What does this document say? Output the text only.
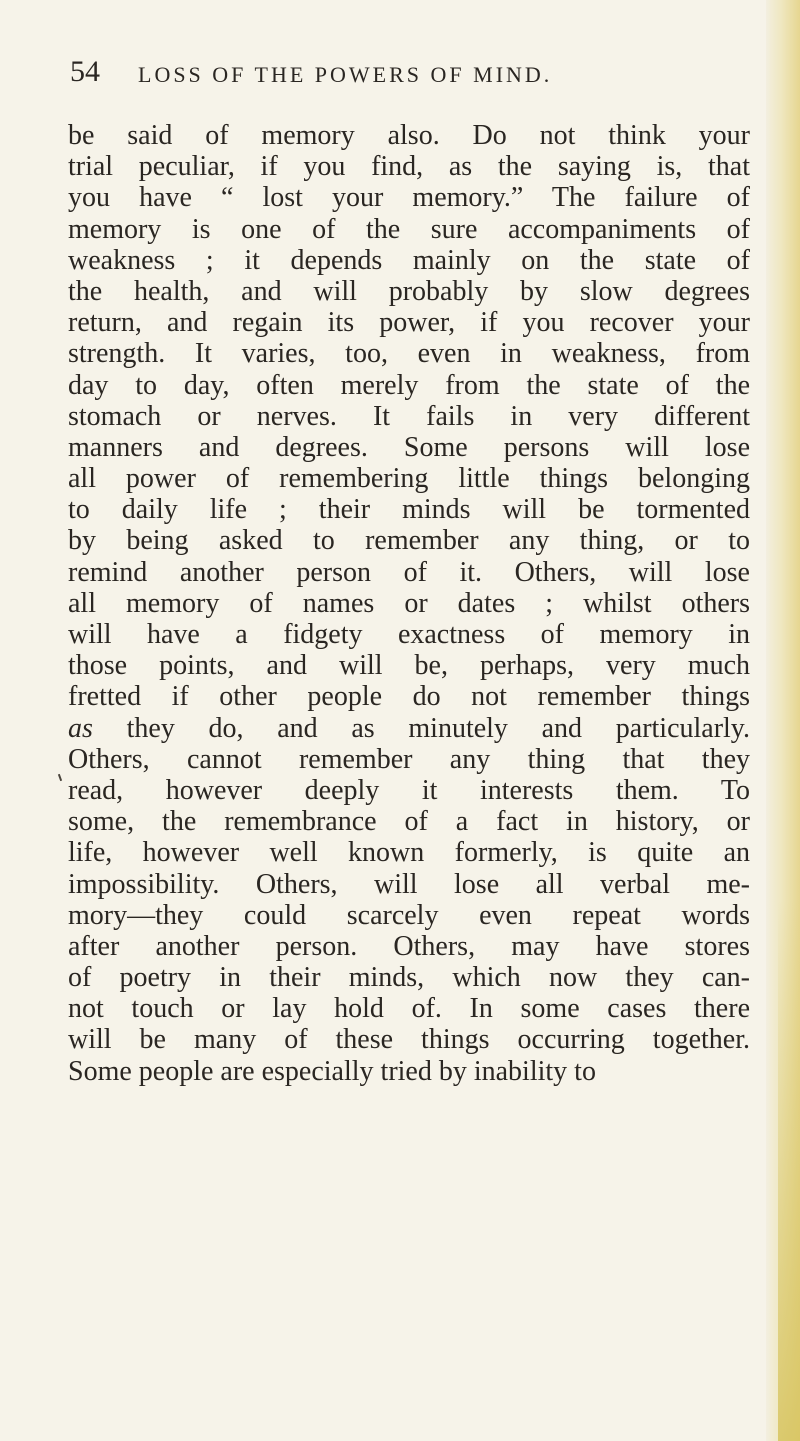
54 LOSS OF THE POWERS OF MIND.
be said of memory also. Do not think your
trial peculiar, if you find, as the saying is, that
you have “ lost your memory.” The failure of
memory is one of the sure accompaniments of
weakness ; it depends mainly on the state of
the health, and will probably by slow degrees
return, and regain its power, if you recover your
strength. It varies, too, even in weakness, from
day to day, often merely from the state of the
stomach or nerves. It fails in very different
manners and degrees. Some persons will lose
all power of remembering little things belonging
to daily life ; their minds will be tormented
by being asked to remember any thing, or to
remind another person of it. Others, will lose
all memory of names or dates ; whilst others
will have a fidgety exactness of memory in
those points, and will be, perhaps, very much
fretted if other people do not remember things
as they do, and as minutely and particularly.
Others, cannot remember any thing that they
read, however deeply it interests them. To
some, the remembrance of a fact in history, or
life, however well known formerly, is quite an
impossibility. Others, will lose all verbal me-
mory—they could scarcely even repeat words
after another person. Others, may have stores
of poetry in their minds, which now they can-
not touch or lay hold of. In some cases there
will be many of these things occurring together.
Some people are especially tried by inability to
